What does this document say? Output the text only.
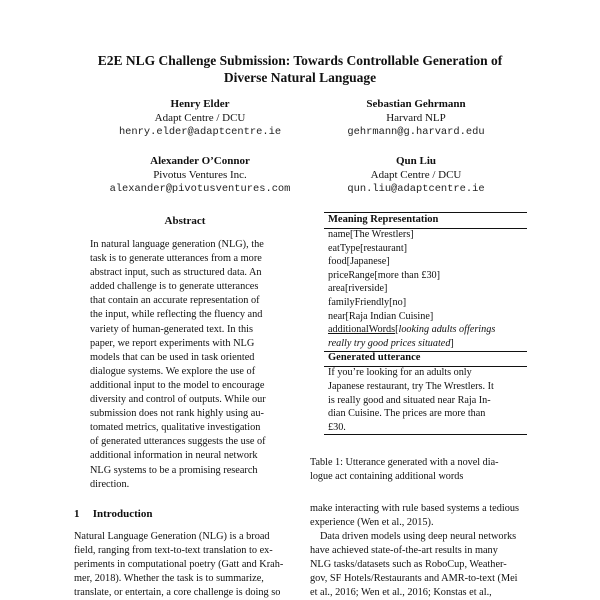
E2E NLG Challenge Submission: Towards Controllable Generation of
Diverse Natural Language
Henry Elder
Adapt Centre / DCU
henry.elder@adaptcentre.ie
Sebastian Gehrmann
Harvard NLP
gehrmann@g.harvard.edu
Alexander O’Connor
Pivotus Ventures Inc.
alexander@pivotusventures.com
Qun Liu
Adapt Centre / DCU
qun.liu@adaptcentre.ie
Abstract
In natural language generation (NLG), the
task is to generate utterances from a more
abstract input, such as structured data. An
added challenge is to generate utterances
that contain an accurate representation of
the input, while reflecting the fluency and
variety of human-generated text. In this
paper, we report experiments with NLG
models that can be used in task oriented
dialogue systems. We explore the use of
additional input to the model to encourage
diversity and control of outputs. While our
submission does not rank highly using au-
tomated metrics, qualitative investigation
of generated utterances suggests the use of
additional information in neural network
NLG systems to be a promising research
direction.
1 Introduction
Natural Language Generation (NLG) is a broad
field, ranging from text-to-text translation to ex-
periments in computational poetry (Gatt and Krah-
mer, 2018). Whether the task is to summarize,
translate, or entertain, a core challenge is doing so
Meaning Representation
name[The Wrestlers]
eatType[restaurant]
food[Japanese]
priceRange[more than £30]
area[riverside]
familyFriendly[no]
near[Raja Indian Cuisine]
additionalWords[looking adults offerings
really try good prices situated]
Generated utterance
If you’re looking for an adults only
Japanese restaurant, try The Wrestlers. It
is really good and situated near Raja In-
dian Cuisine. The prices are more than
£30.
Table 1: Utterance generated with a novel dia-
logue act containing additional words
make interacting with rule based systems a tedious
experience (Wen et al., 2015).
Data driven models using deep neural networks
have achieved state-of-the-art results in many
NLG tasks/datasets such as RoboCup, Weather-
gov, SF Hotels/Restaurants and AMR-to-text (Mei
et al., 2016; Wen et al., 2016; Konstas et al.,
